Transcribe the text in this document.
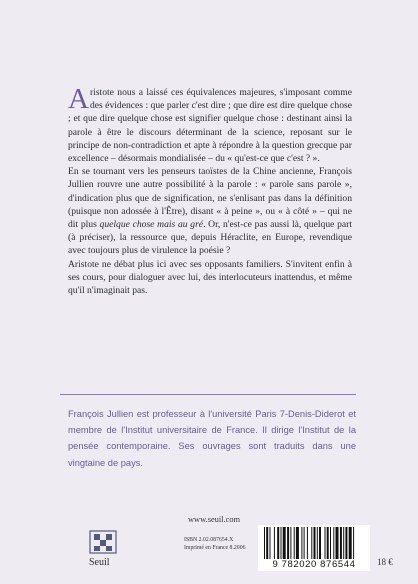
Aristote nous a laissé ces équivalences majeures, s'imposant comme des évidences : que parler c'est dire ; que dire est dire quelque chose ; et que dire quelque chose est signifier quelque chose : destinant ainsi la parole à être le discours déterminant de la science, reposant sur le principe de non-contradiction et apte à répondre à la question grecque par excellence – désormais mondialisée – du « qu'est-ce que c'est ? ».

En se tournant vers les penseurs taoïstes de la Chine ancienne, François Jullien rouvre une autre possibilité à la parole : « parole sans parole », d'indication plus que de signification, ne s'enlisant pas dans la définition (puisque non adossée à l'Être), disant « à peine », ou « à côté » – qui ne dit plus quelque chose mais au gré. Or, n'est-ce pas aussi là, quelque part (à préciser), la ressource que, depuis Héraclite, en Europe, revendique avec toujours plus de virulence la poésie ?

Aristote ne débat plus ici avec ses opposants familiers. S'invitent enfin à ses cours, pour dialoguer avec lui, des interlocuteurs inattendus, et même qu'il n'imaginait pas.

François Jullien est professeur à l'université Paris 7-Denis-Diderot et membre de l'Institut universitaire de France. Il dirige l'Institut de la pensée contemporaine. Ses ouvrages sont traduits dans une vingtaine de pays.

www.seuil.com
Seuil
ISBN 2.02.087654.X
Imprimé en France 8.2006
9 782020 876544	18 €
